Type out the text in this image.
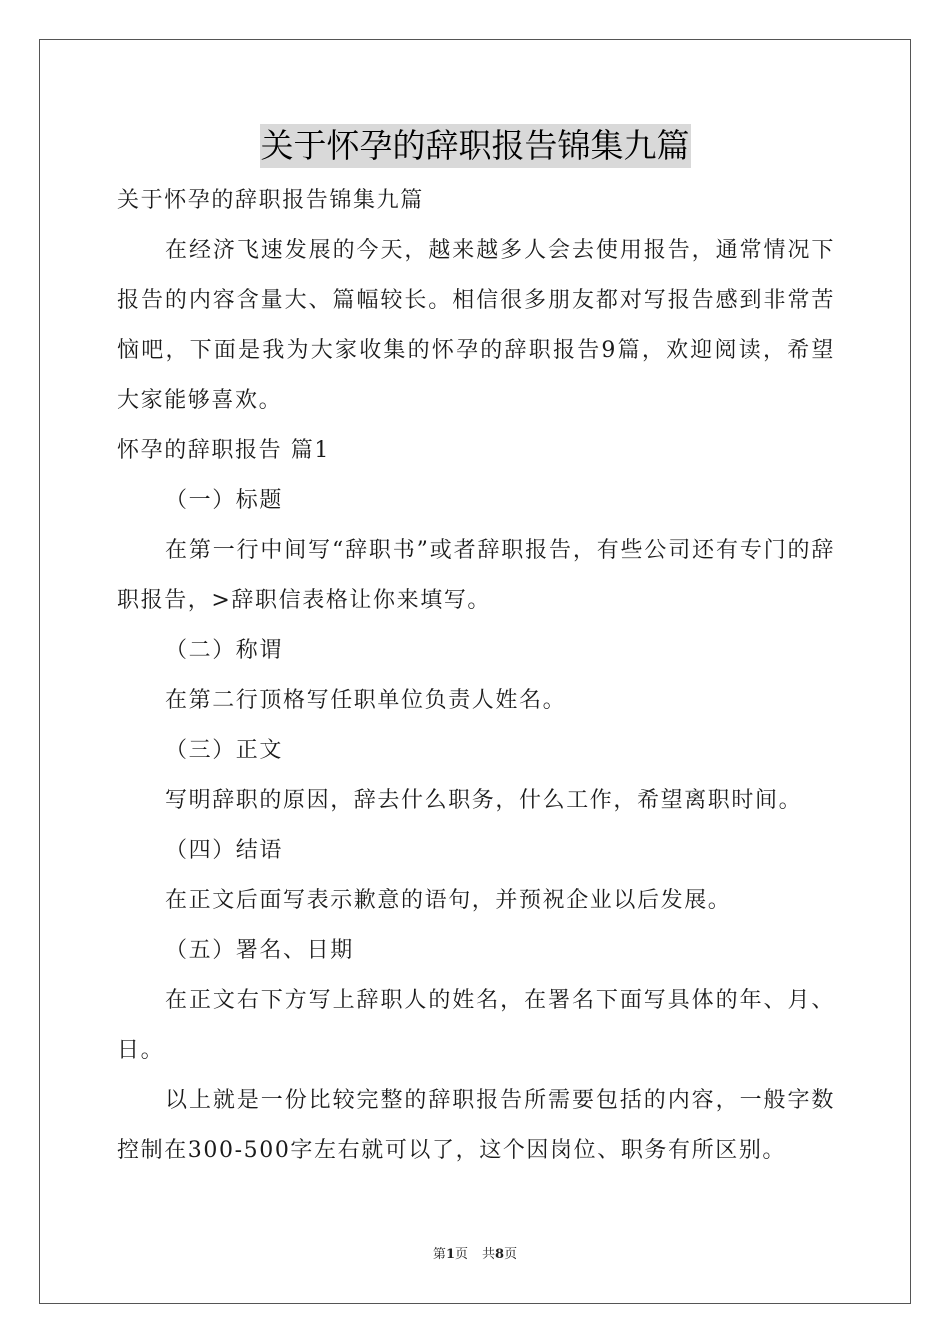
关于怀孕的辞职报告锦集九篇

关于怀孕的辞职报告锦集九篇

在经济飞速发展的今天，越来越多人会去使用报告，通常情况下报告的内容含量大、篇幅较长。相信很多朋友都对写报告感到非常苦恼吧，下面是我为大家收集的怀孕的辞职报告9篇，欢迎阅读，希望大家能够喜欢。

怀孕的辞职报告 篇1

（一）标题

在第一行中间写“辞职书”或者辞职报告，有些公司还有专门的辞职报告，>辞职信表格让你来填写。

（二）称谓

在第二行顶格写任职单位负责人姓名。

（三）正文

写明辞职的原因，辞去什么职务，什么工作，希望离职时间。

（四）结语

在正文后面写表示歉意的语句，并预祝企业以后发展。

（五）署名、日期

在正文右下方写上辞职人的姓名，在署名下面写具体的年、月、日。

以上就是一份比较完整的辞职报告所需要包括的内容，一般字数控制在300-500字左右就可以了，这个因岗位、职务有所区别。

第1页 共8页
